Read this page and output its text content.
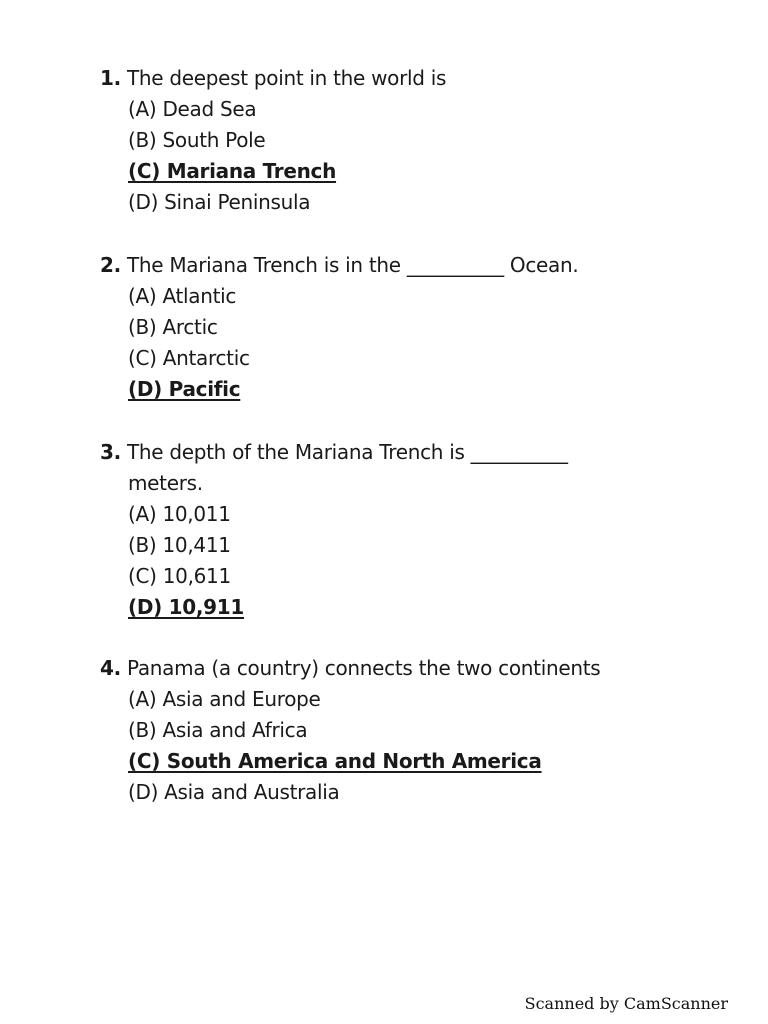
1. The deepest point in the world is
(A) Dead Sea
(B) South Pole
(C) Mariana Trench
(D) Sinai Peninsula
2. The Mariana Trench is in the __________ Ocean.
(A) Atlantic
(B) Arctic
(C) Antarctic
(D) Pacific
3. The depth of the Mariana Trench is __________
meters.
(A) 10,011
(B) 10,411
(C) 10,611
(D) 10,911
4. Panama (a country) connects the two continents
(A) Asia and Europe
(B) Asia and Africa
(C) South America and North America
(D) Asia and Australia
Scanned by CamScanner
